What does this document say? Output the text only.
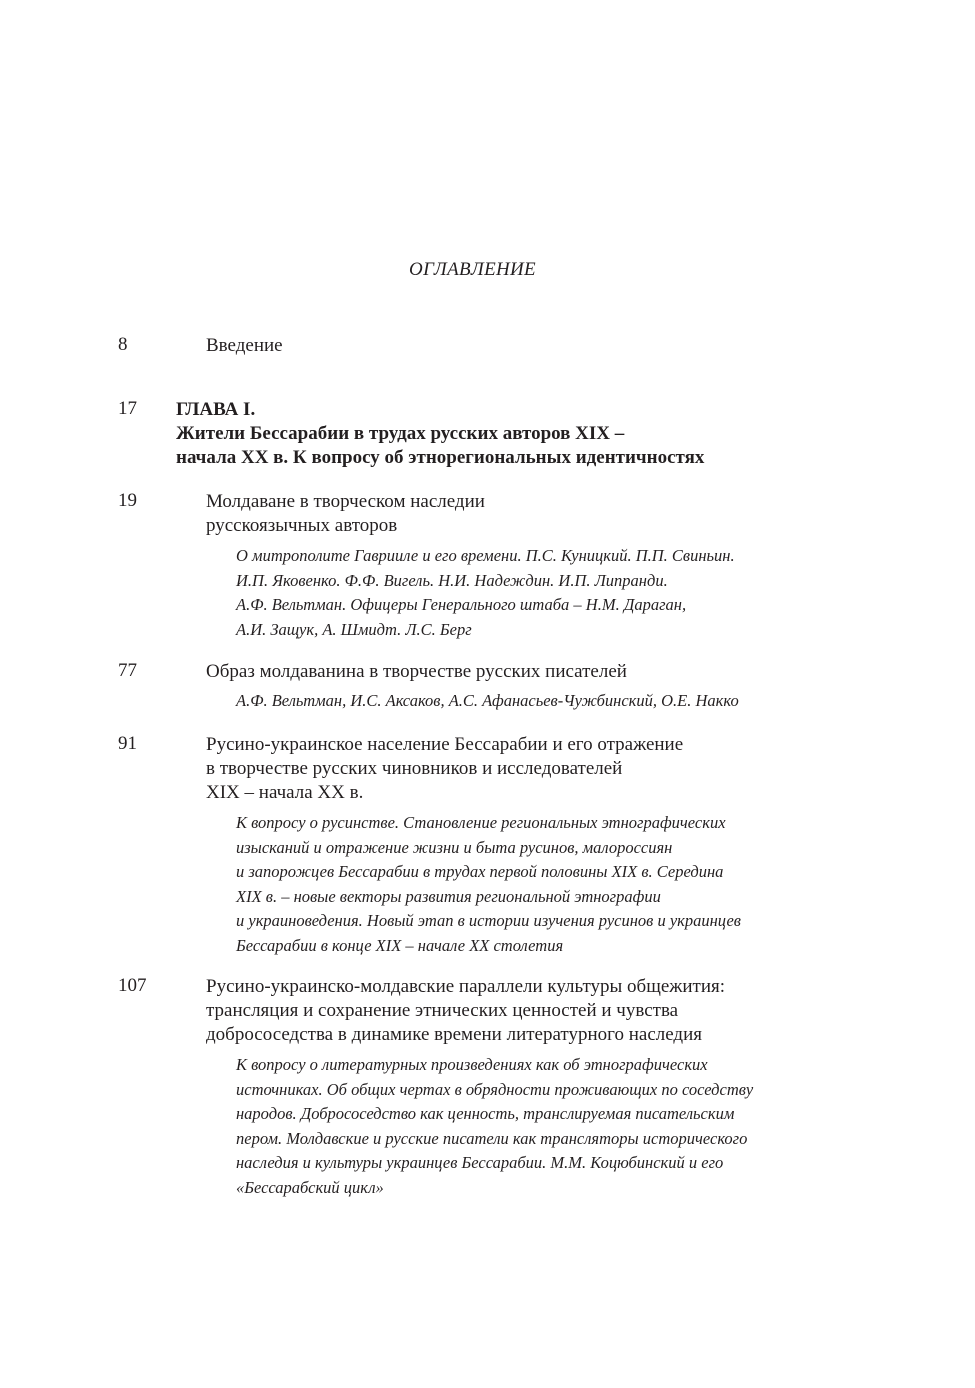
ОГЛАВЛЕНИЕ
8	Введение
17 ГЛАВА I.
Жители Бессарабии в трудах русских авторов XIX –
начала XX в. К вопросу об этнорегиональных идентичностях
19	Молдаване в творческом наследии
русскоязычных авторов
О митрополите Гаврииле и его времени. П.С. Куницкий. П.П. Свиньин.
И.П. Яковенко. Ф.Ф. Вигель. Н.И. Надеждин. И.П. Липранди.
А.Ф. Вельтман. Офицеры Генерального штаба – Н.М. Дараган,
А.И. Защук, А. Шмидт. Л.С. Берг
77	Образ молдаванина в творчестве русских писателей
А.Ф. Вельтман, И.С. Аксаков, А.С. Афанасьев-Чужбинский, О.Е. Накко
91	Русино-украинское население Бессарабии и его отражение
в творчестве русских чиновников и исследователей
XIX – начала XX в.
К вопросу о русинстве. Становление региональных этнографических
изысканий и отражение жизни и быта русинов, малороссиян
и запорожцев Бессарабии в трудах первой половины XIX в. Середина
XIX в. – новые векторы развития региональной этнографии
и украиноведения. Новый этап в истории изучения русинов и украинцев
Бессарабии в конце XIX – начале XX столетия
107	Русино-украинско-молдавские параллели культуры общежития:
трансляция и сохранение этнических ценностей и чувства
добрососедства в динамике времени литературного наследия
К вопросу о литературных произведениях как об этнографических
источниках. Об общих чертах в обрядности проживающих по соседству
народов. Добрососедство как ценность, транслируемая писательским
пером. Молдавские и русские писатели как трансляторы исторического
наследия и культуры украинцев Бессарабии. М.М. Коцюбинский и его
«Бессарабский цикл»
